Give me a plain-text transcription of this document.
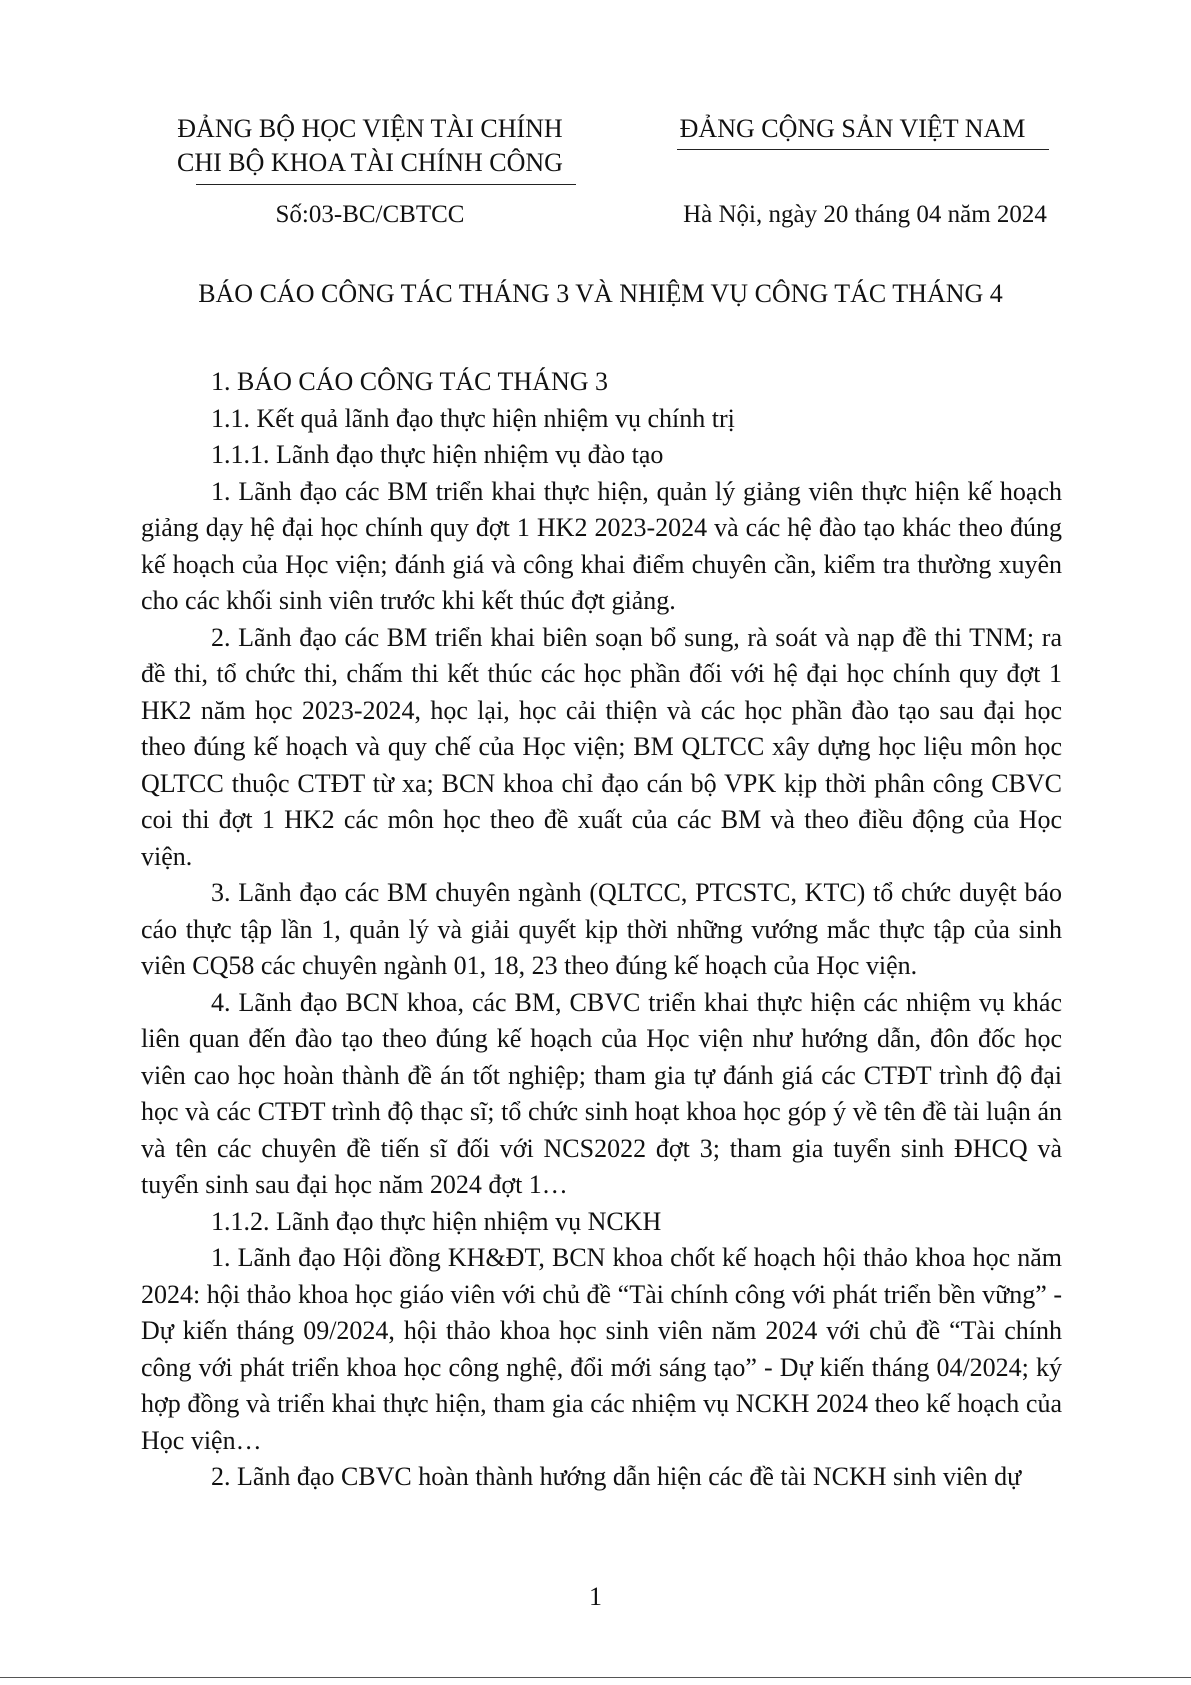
ĐẢNG BỘ HỌC VIỆN TÀI CHÍNH
CHI BỘ KHOA TÀI CHÍNH CÔNG
ĐẢNG CỘNG SẢN VIỆT NAM
Số:03-BC/CBTCC	Hà Nội, ngày 20 tháng 04 năm 2024
BÁO CÁO CÔNG TÁC THÁNG 3 VÀ NHIỆM VỤ CÔNG TÁC THÁNG 4

1. BÁO CÁO CÔNG TÁC THÁNG 3

1.1. Kết quả lãnh đạo thực hiện nhiệm vụ chính trị

1.1.1. Lãnh đạo thực hiện nhiệm vụ đào tạo

1. Lãnh đạo các BM triển khai thực hiện, quản lý giảng viên thực hiện kế hoạch giảng dạy hệ đại học chính quy đợt 1 HK2 2023-2024 và các hệ đào tạo khác theo đúng kế hoạch của Học viện; đánh giá và công khai điểm chuyên cần, kiểm tra thường xuyên cho các khối sinh viên trước khi kết thúc đợt giảng.

2. Lãnh đạo các BM triển khai biên soạn bổ sung, rà soát và nạp đề thi TNM; ra đề thi, tổ chức thi, chấm thi kết thúc các học phần đối với hệ đại học chính quy đợt 1 HK2 năm học 2023-2024, học lại, học cải thiện và các học phần đào tạo sau đại học theo đúng kế hoạch và quy chế của Học viện; BM QLTCC xây dựng học liệu môn học QLTCC thuộc CTĐT từ xa; BCN khoa chỉ đạo cán bộ VPK kịp thời phân công CBVC coi thi đợt 1 HK2 các môn học theo đề xuất của các BM và theo điều động của Học viện.

3. Lãnh đạo các BM chuyên ngành (QLTCC, PTCSTC, KTC) tổ chức duyệt báo cáo thực tập lần 1, quản lý và giải quyết kịp thời những vướng mắc thực tập của sinh viên CQ58 các chuyên ngành 01, 18, 23 theo đúng kế hoạch của Học viện.

4. Lãnh đạo BCN khoa, các BM, CBVC triển khai thực hiện các nhiệm vụ khác liên quan đến đào tạo theo đúng kế hoạch của Học viện như hướng dẫn, đôn đốc học viên cao học hoàn thành đề án tốt nghiệp; tham gia tự đánh giá các CTĐT trình độ đại học và các CTĐT trình độ thạc sĩ; tổ chức sinh hoạt khoa học góp ý về tên đề tài luận án và tên các chuyên đề tiến sĩ đối với NCS2022 đợt 3; tham gia tuyển sinh ĐHCQ và tuyển sinh sau đại học năm 2024 đợt 1…

1.1.2. Lãnh đạo thực hiện nhiệm vụ NCKH

1. Lãnh đạo Hội đồng KH&ĐT, BCN khoa chốt kế hoạch hội thảo khoa học năm 2024: hội thảo khoa học giáo viên với chủ đề “Tài chính công với phát triển bền vững” - Dự kiến tháng 09/2024, hội thảo khoa học sinh viên năm 2024 với chủ đề “Tài chính công với phát triển khoa học công nghệ, đổi mới sáng tạo” - Dự kiến tháng 04/2024; ký hợp đồng và triển khai thực hiện, tham gia các nhiệm vụ NCKH 2024 theo kế hoạch của Học viện…

2. Lãnh đạo CBVC hoàn thành hướng dẫn hiện các đề tài NCKH sinh viên dự

1
